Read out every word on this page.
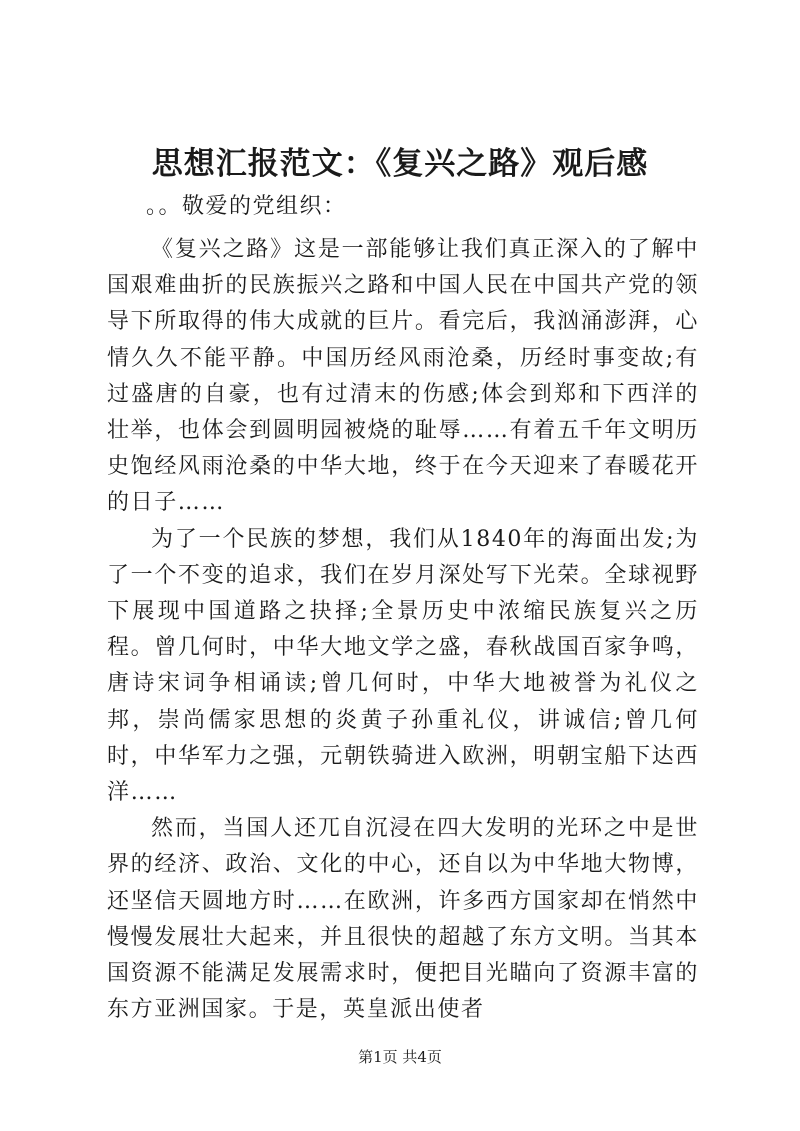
思想汇报范文：《复兴之路》观后感
。。敬爱的党组织：

《复兴之路》这是一部能够让我们真正深入的了解中国艰难曲折的民族振兴之路和中国人民在中国共产党的领导下所取得的伟大成就的巨片。看完后，我汹涌澎湃，心情久久不能平静。中国历经风雨沧桑，历经时事变故;有过盛唐的自豪，也有过清末的伤感;体会到郑和下西洋的壮举，也体会到圆明园被烧的耻辱……有着五千年文明历史饱经风雨沧桑的中华大地，终于在今天迎来了春暖花开的日子……

为了一个民族的梦想，我们从1840年的海面出发;为了一个不变的追求，我们在岁月深处写下光荣。全球视野下展现中国道路之抉择;全景历史中浓缩民族复兴之历程。曾几何时，中华大地文学之盛，春秋战国百家争鸣，唐诗宋词争相诵读;曾几何时，中华大地被誉为礼仪之邦，崇尚儒家思想的炎黄子孙重礼仪，讲诚信;曾几何时，中华军力之强，元朝铁骑进入欧洲，明朝宝船下达西洋……

然而，当国人还兀自沉浸在四大发明的光环之中是世界的经济、政治、文化的中心，还自以为中华地大物博，还坚信天圆地方时……在欧洲，许多西方国家却在悄然中慢慢发展壮大起来，并且很快的超越了东方文明。当其本国资源不能满足发展需求时，便把目光瞄向了资源丰富的东方亚洲国家。于是，英皇派出使者

第1页 共4页
